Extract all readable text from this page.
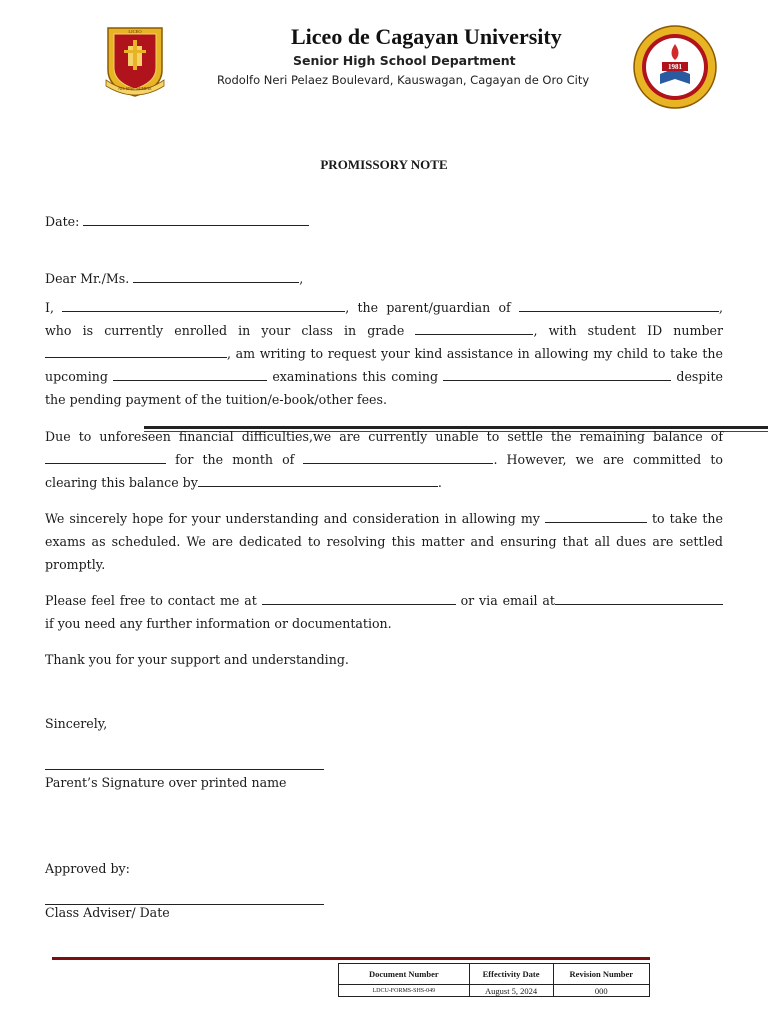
LICEO
NIL SINE NUMINE
1981
Liceo de Cagayan University
Senior High School Department
Rodolfo Neri Pelaez Boulevard, Kauswagan, Cagayan de Oro City
PROMISSORY NOTE
Date:
Dear Mr./Ms.	,
I,	, the parent/guardian of	, who is currently enrolled in your class in grade	, with student ID number , am writing to request your kind assistance in allowing my child to take the upcoming	examinations this coming	despite the pending payment of the tuition/e-book/other fees.
Due to unforeseen financial difficulties,we are currently unable to settle the remaining balance of  for the month of	. However, we are committed to clearing this balance by	.
We sincerely hope for your understanding and consideration in allowing my	to take the exams as scheduled. We are dedicated to resolving this matter and ensuring that all dues are settled promptly.
Please feel free to contact me at	or via email at if you need any further information or documentation.
Thank you for your support and understanding.
Sincerely,
Parent’s Signature over printed name
Approved by:
Class Adviser/ Date
Document Number	Effectivity Date	Revision Number
LDCU-FORMS-SHS-049	August 5, 2024	000
